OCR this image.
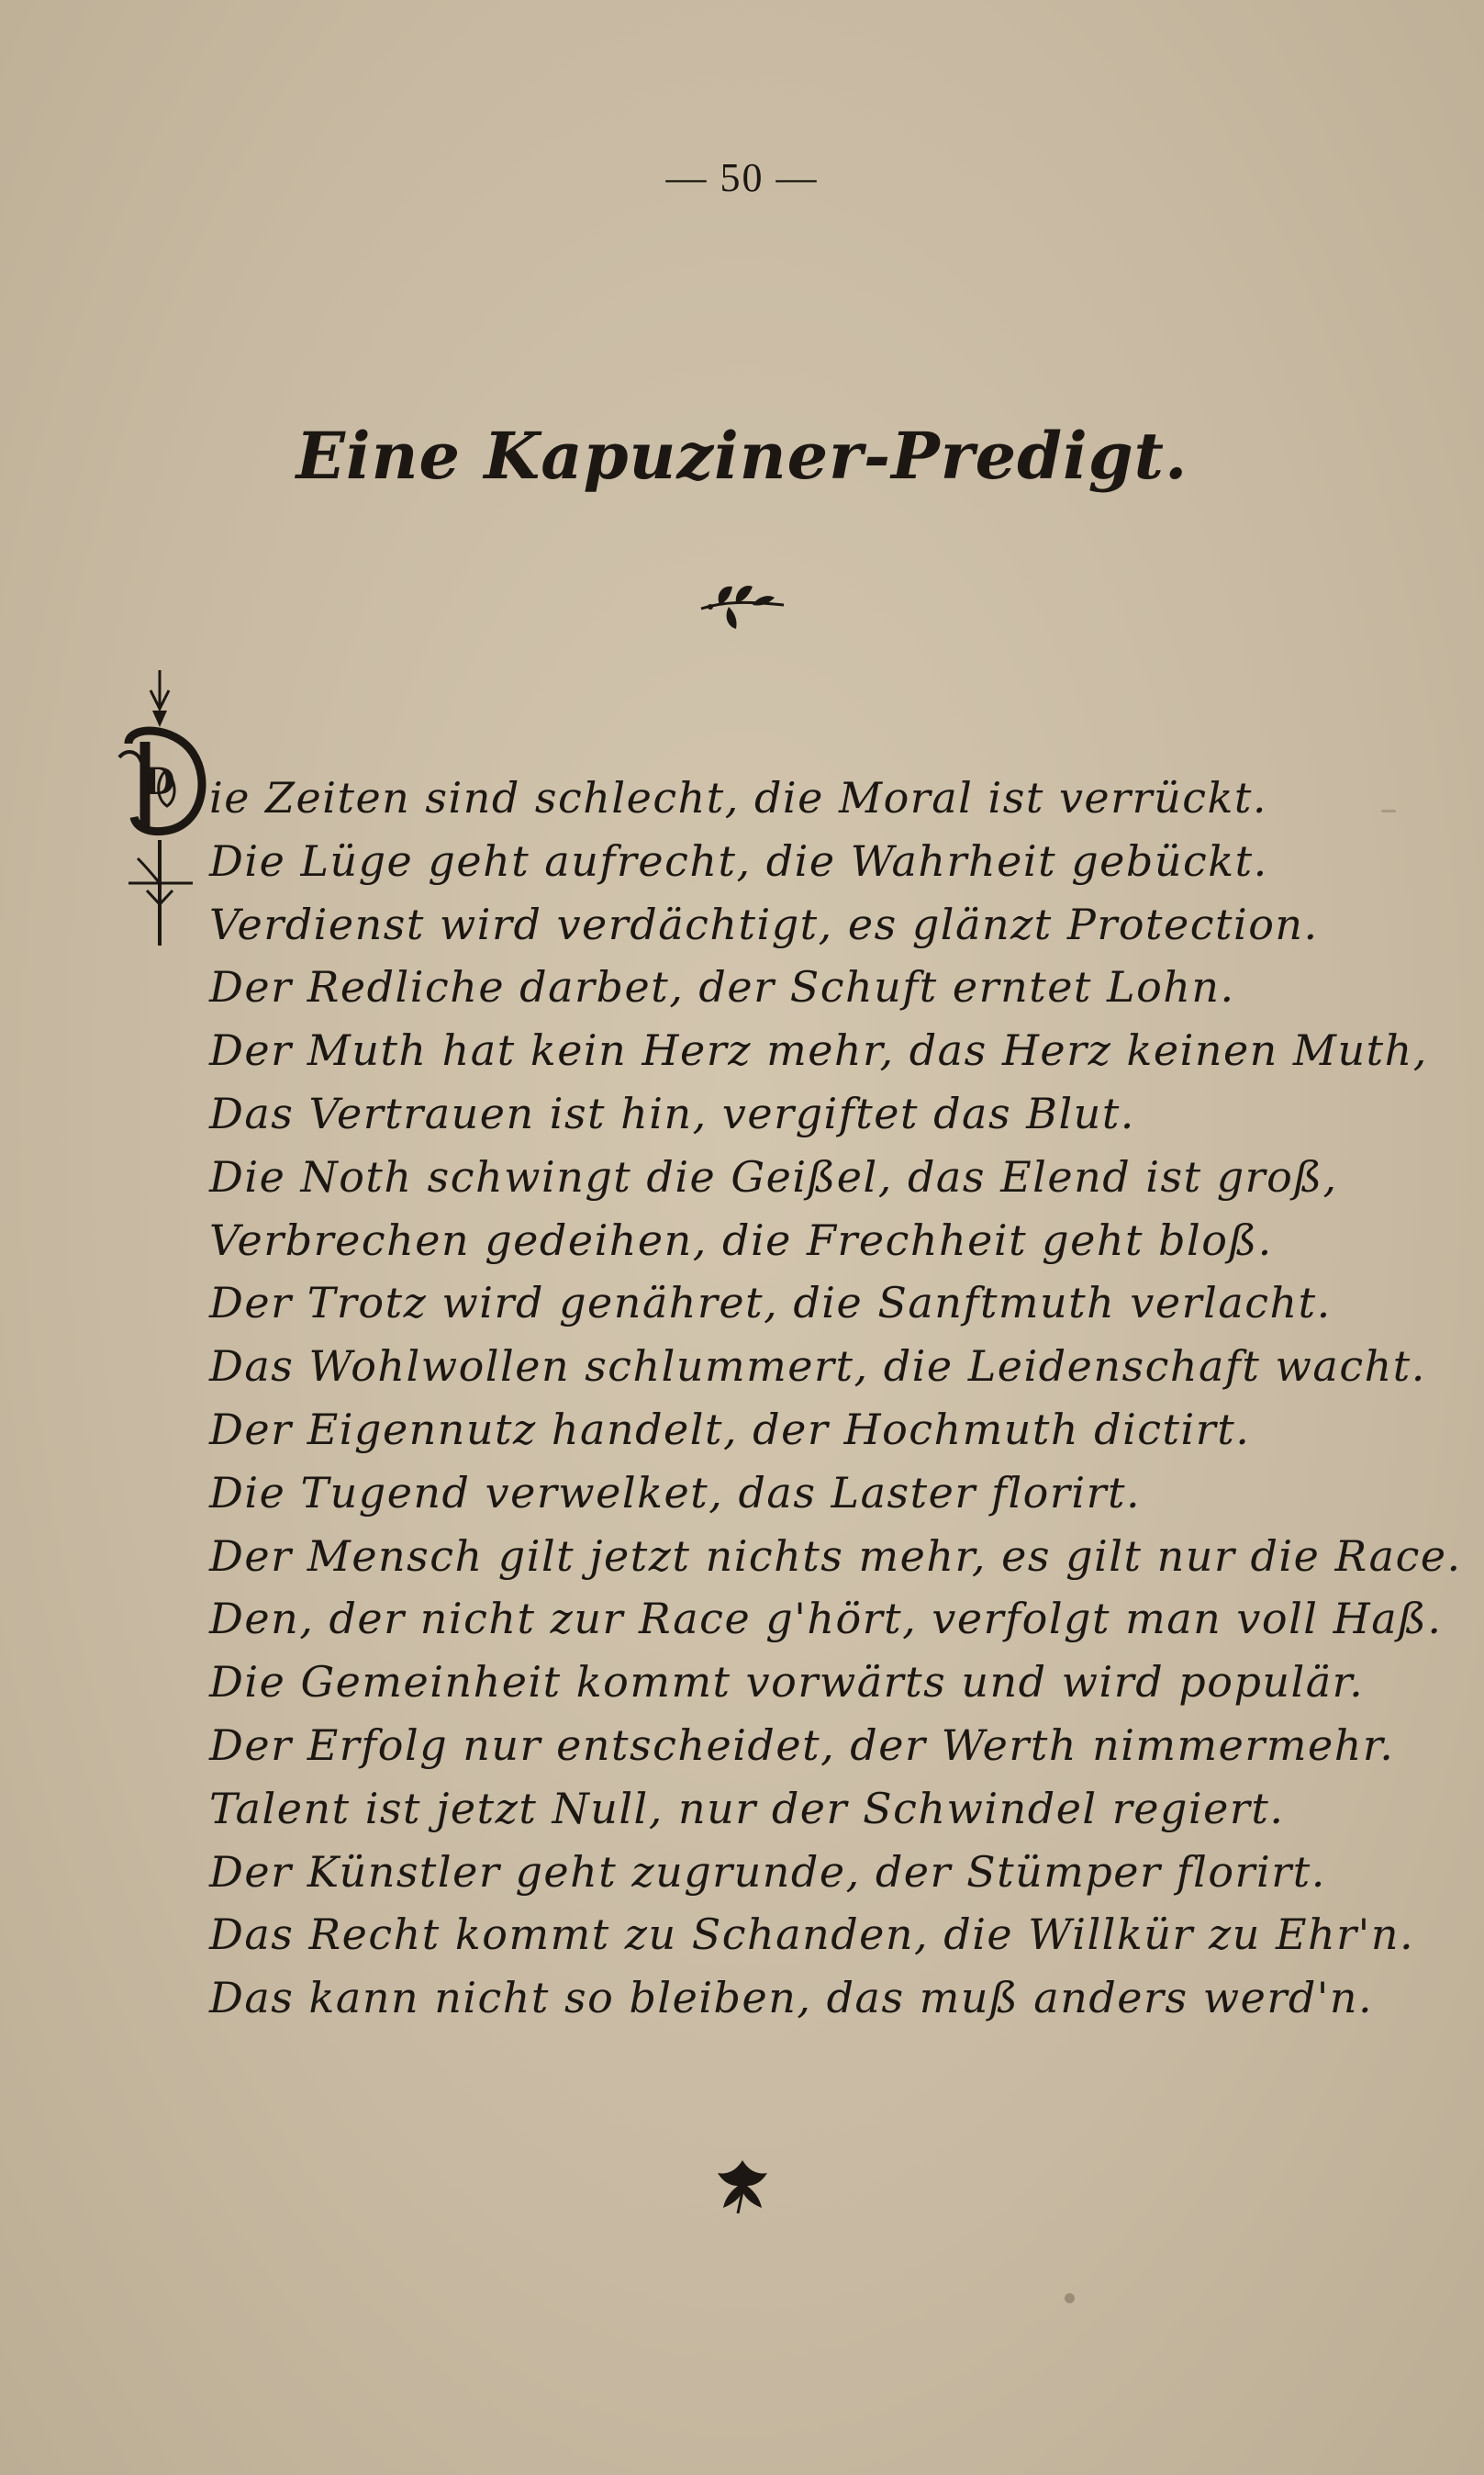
— 50 —
Eine Kapuziner-Predigt.
D ie Zeiten sind schlecht, die Moral ist verrückt.
Die Lüge geht aufrecht, die Wahrheit gebückt.
Verdienst wird verdächtigt, es glänzt Protection.
Der Redliche darbet, der Schuft erntet Lohn.
Der Muth hat kein Herz mehr, das Herz keinen Muth,
Das Vertrauen ist hin, vergiftet das Blut.
Die Noth schwingt die Geißel, das Elend ist groß,
Verbrechen gedeihen, die Frechheit geht bloß.
Der Trotz wird genähret, die Sanftmuth verlacht.
Das Wohlwollen schlummert, die Leidenschaft wacht.
Der Eigennutz handelt, der Hochmuth dictirt.
Die Tugend verwelket, das Laster florirt.
Der Mensch gilt jetzt nichts mehr, es gilt nur die Race.
Den, der nicht zur Race g'hört, verfolgt man voll Haß.
Die Gemeinheit kommt vorwärts und wird populär.
Der Erfolg nur entscheidet, der Werth nimmermehr.
Talent ist jetzt Null, nur der Schwindel regiert.
Der Künstler geht zugrunde, der Stümper florirt.
Das Recht kommt zu Schanden, die Willkür zu Ehr'n.
Das kann nicht so bleiben, das muß anders werd'n.
